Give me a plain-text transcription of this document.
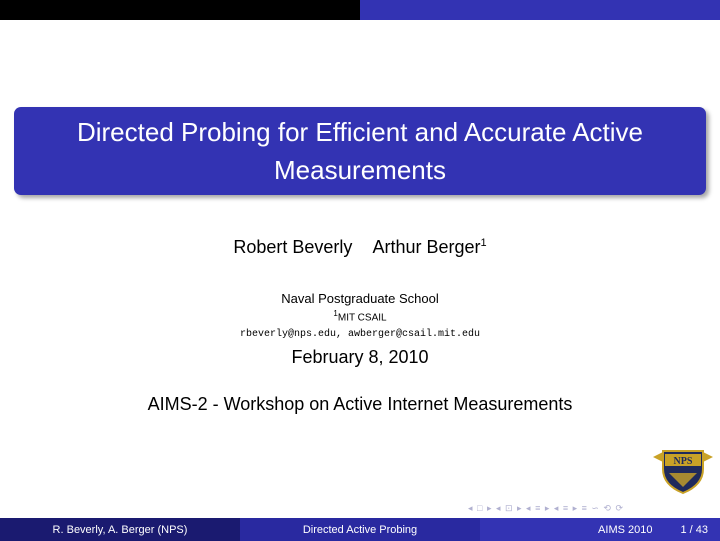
Directed Probing for Efficient and Accurate Active Measurements
Robert Beverly Arthur Berger$^1$
Naval Postgraduate School
$^1$MIT CSAIL
rbeverly@nps.edu, awberger@csail.mit.edu
February 8, 2010
AIMS-2 - Workshop on Active Internet Measurements
NPS
◂ □ ▸ ◂ ⊡ ▸ ◂ ≡ ▸ ◂ ≡ ▸ ≡ ∽ ⟲ ⟳
R. Beverly, A. Berger (NPS)	Directed Active Probing	AIMS 2010	1 / 43
